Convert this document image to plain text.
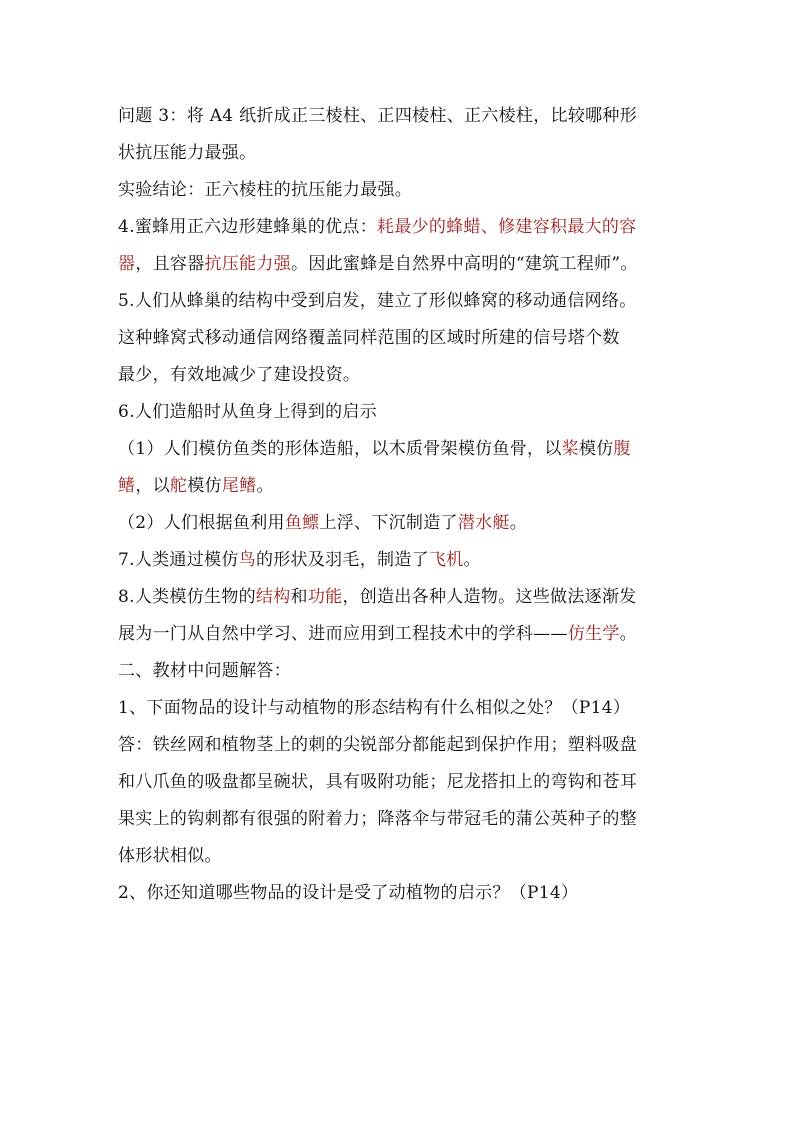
问题 3：将 A4 纸折成正三棱柱、正四棱柱、正六棱柱，比较哪种形
状抗压能力最强。
实验结论：正六棱柱的抗压能力最强。
4.蜜蜂用正六边形建蜂巢的优点：耗最少的蜂蜡、修建容积最大的容
器，且容器抗压能力强。因此蜜蜂是自然界中高明的“建筑工程师”。
5.人们从蜂巢的结构中受到启发，建立了形似蜂窝的移动通信网络。
这种蜂窝式移动通信网络覆盖同样范围的区域时所建的信号塔个数
最少，有效地减少了建设投资。
6.人们造船时从鱼身上得到的启示
（1）人们模仿鱼类的形体造船，以木质骨架模仿鱼骨，以桨模仿腹
鳍，以舵模仿尾鳍。
（2）人们根据鱼利用鱼鳔上浮、下沉制造了潜水艇。
7.人类通过模仿鸟的形状及羽毛，制造了飞机。
8.人类模仿生物的结构和功能，创造出各种人造物。这些做法逐渐发
展为一门从自然中学习、进而应用到工程技术中的学科——仿生学。
二、教材中问题解答：
1、下面物品的设计与动植物的形态结构有什么相似之处？（P14）
答：铁丝网和植物茎上的刺的尖锐部分都能起到保护作用；塑料吸盘
和八爪鱼的吸盘都呈碗状，具有吸附功能；尼龙搭扣上的弯钩和苍耳
果实上的钩刺都有很强的附着力；降落伞与带冠毛的蒲公英种子的整
体形状相似。
2、你还知道哪些物品的设计是受了动植物的启示？（P14）
